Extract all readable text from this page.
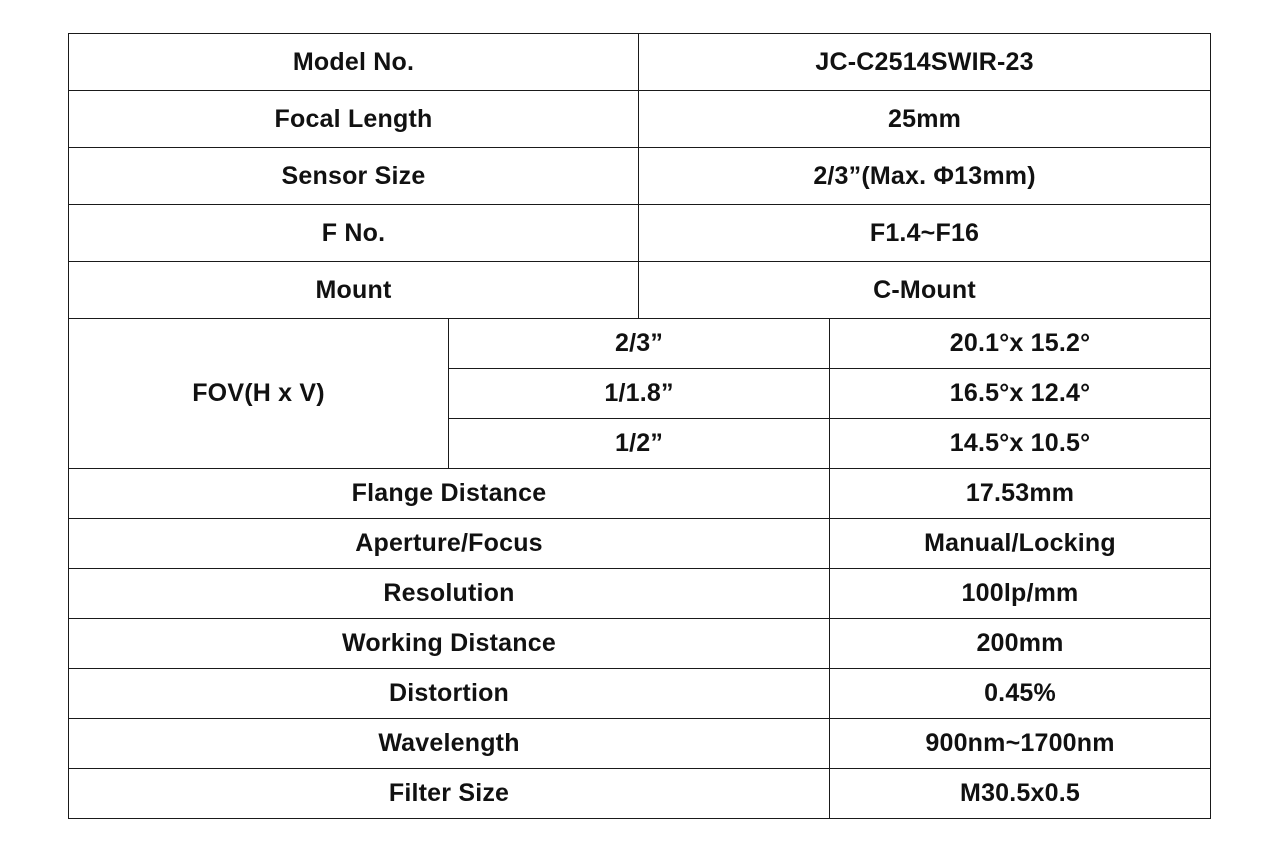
Model No.		JC-C2514SWIR-23	
Focal Length		25mm	
Sensor Size		2/3”(Max. Φ13mm)	
F No.		F1.4~F16	
Mount		C-Mount	
FOV(H x V)	2/3”		20.1°x 15.2°
	1/1.8”		16.5°x 12.4°
	1/2”		14.5°x 10.5°
Flange Distance			17.53mm
Aperture/Focus			Manual/Locking
Resolution			100lp/mm
Working Distance			200mm
Distortion			0.45%
Wavelength			900nm~1700nm
Filter Size			M30.5x0.5
